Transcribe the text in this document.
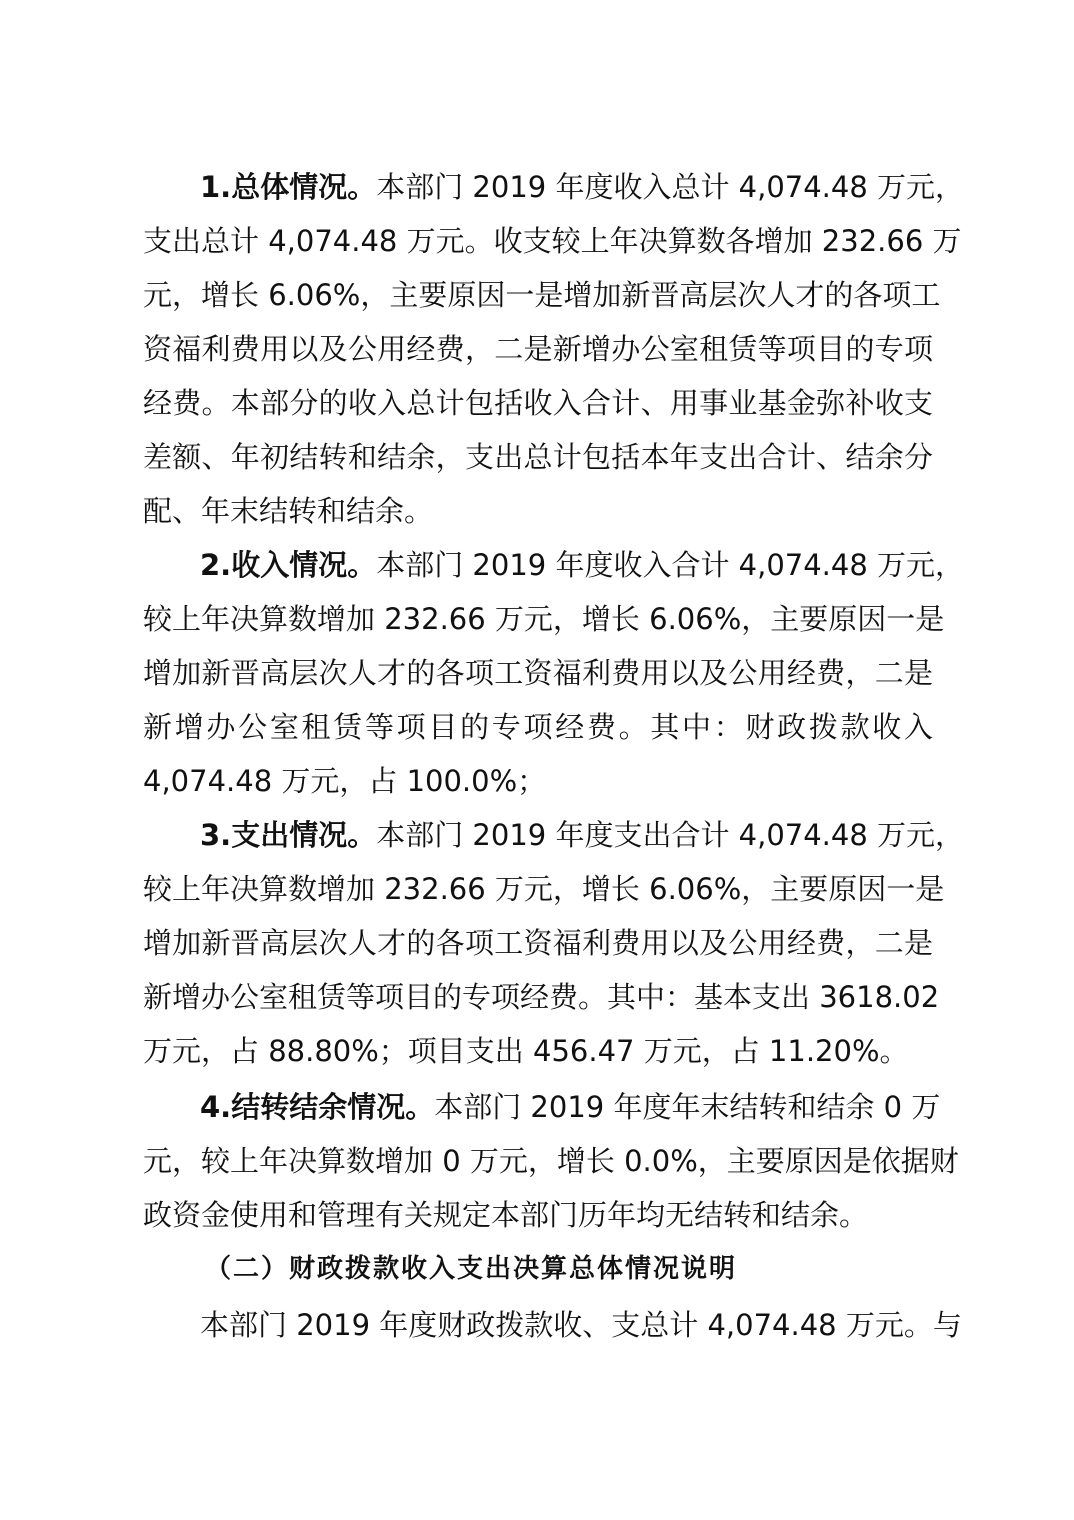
1.总体情况。本部门 2019 年度收入总计 4,074.48 万元，
支出总计 4,074.48 万元。收支较上年决算数各增加 232.66 万
元，增长 6.06%，主要原因一是增加新晋高层次人才的各项工
资福利费用以及公用经费，二是新增办公室租赁等项目的专项
经费。本部分的收入总计包括收入合计、用事业基金弥补收支
差额、年初结转和结余，支出总计包括本年支出合计、结余分
配、年末结转和结余。
2.收入情况。本部门 2019 年度收入合计 4,074.48 万元，
较上年决算数增加 232.66 万元，增长 6.06%，主要原因一是
增加新晋高层次人才的各项工资福利费用以及公用经费，二是
新增办公室租赁等项目的专项经费。其中：财政拨款收入
4,074.48 万元，占 100.0%；
3.支出情况。本部门 2019 年度支出合计 4,074.48 万元，
较上年决算数增加 232.66 万元，增长 6.06%，主要原因一是
增加新晋高层次人才的各项工资福利费用以及公用经费，二是
新增办公室租赁等项目的专项经费。其中：基本支出 3618.02
万元，占 88.80%；项目支出 456.47 万元，占 11.20%。
4.结转结余情况。本部门 2019 年度年末结转和结余 0 万
元，较上年决算数增加 0 万元，增长 0.0%，主要原因是依据财
政资金使用和管理有关规定本部门历年均无结转和结余。
（二）财政拨款收入支出决算总体情况说明
本部门 2019 年度财政拨款收、支总计 4,074.48 万元。与
